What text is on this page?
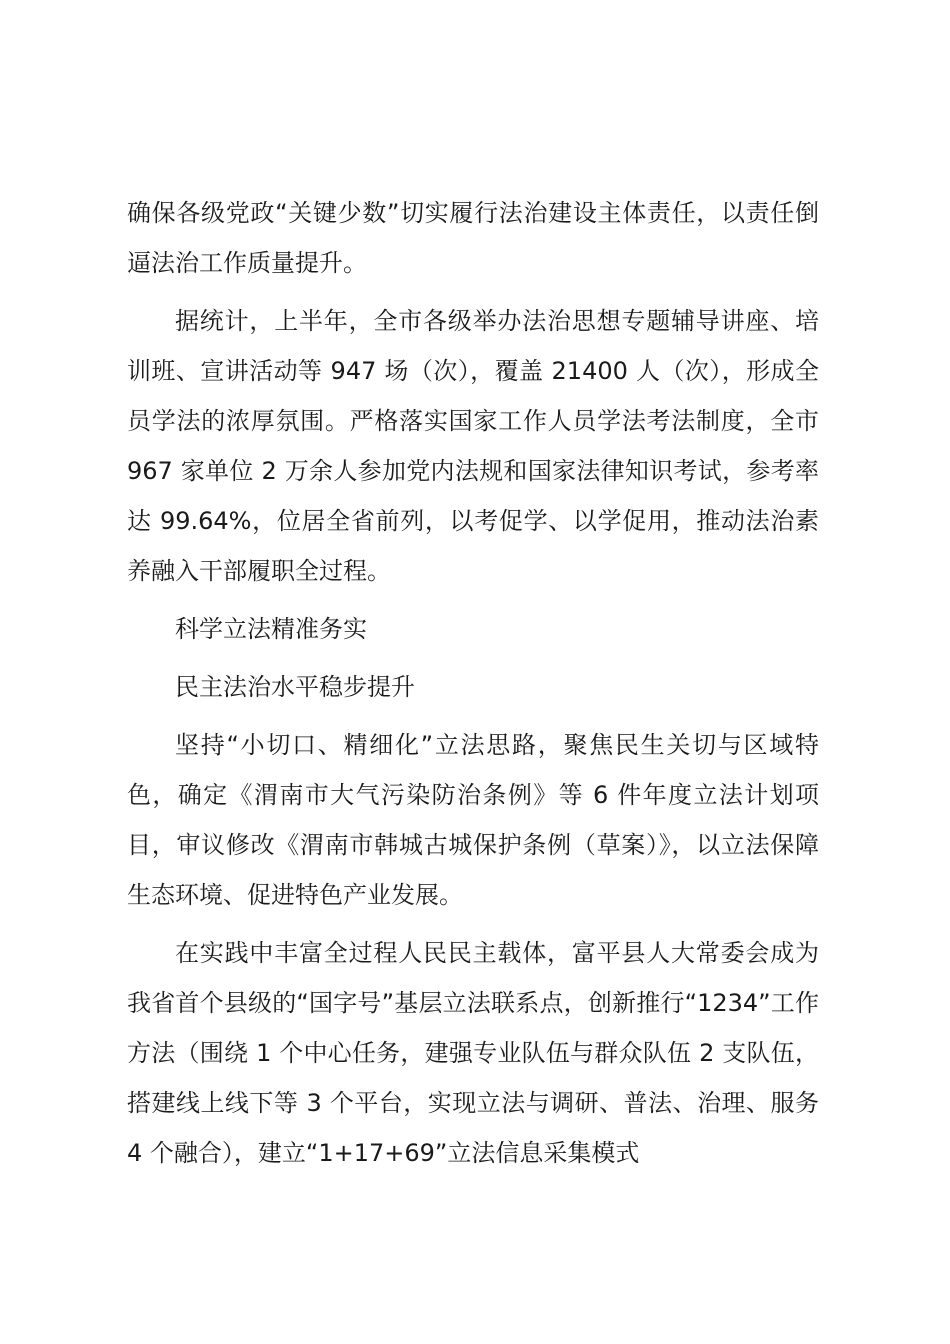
确保各级党政“关键少数”切实履行法治建设主体责任，以责任倒逼法治工作质量提升。

据统计，上半年，全市各级举办法治思想专题辅导讲座、培训班、宣讲活动等 947 场（次），覆盖 21400 人（次），形成全员学法的浓厚氛围。严格落实国家工作人员学法考法制度，全市 967 家单位 2 万余人参加党内法规和国家法律知识考试，参考率达 99.64%，位居全省前列，以考促学、以学促用，推动法治素养融入干部履职全过程。

科学立法精准务实

民主法治水平稳步提升

坚持“小切口、精细化”立法思路，聚焦民生关切与区域特色，确定《渭南市大气污染防治条例》等 6 件年度立法计划项目，审议修改《渭南市韩城古城保护条例（草案）》，以立法保障生态环境、促进特色产业发展。

在实践中丰富全过程人民民主载体，富平县人大常委会成为我省首个县级的“国字号”基层立法联系点，创新推行“1234”工作方法（围绕 1 个中心任务，建强专业队伍与群众队伍 2 支队伍，搭建线上线下等 3 个平台，实现立法与调研、普法、治理、服务 4 个融合），建立“1+17+69”立法信息采集模式
